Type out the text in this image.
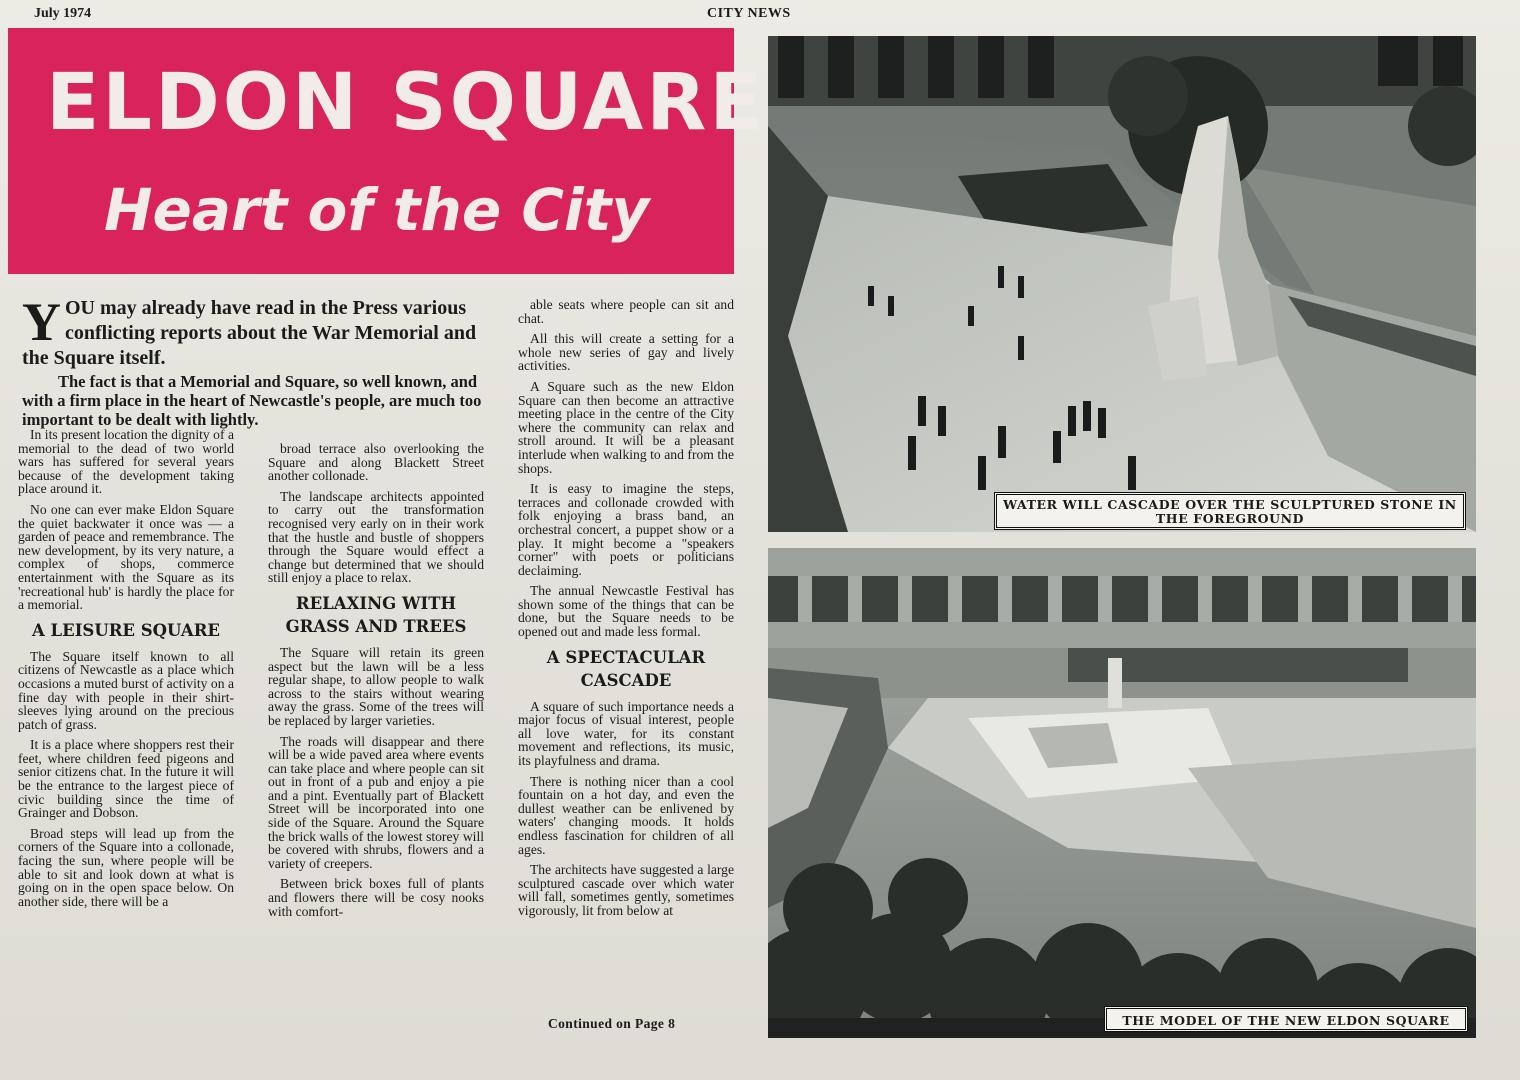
July 1974	CITY NEWS
ELDON SQUARE
Heart of the City
YOU may already have read in the Press various conflicting reports about the War Memorial and the Square itself.
The fact is that a Memorial and Square, so well known, and with a firm place in the heart of Newcastle's people, are much too important to be dealt with lightly.

In its present location the dignity of a memorial to the dead of two world wars has suffered for several years because of the development taking place around it.

No one can ever make Eldon Square the quiet backwater it once was — a garden of peace and remembrance. The new development, by its very nature, a complex of shops, commerce entertainment with the Square as its 'recreational hub' is hardly the place for a memorial.

A LEISURE SQUARE

The Square itself known to all citizens of Newcastle as a place which occasions a muted burst of activity on a fine day with people in their shirt-sleeves lying around on the precious patch of grass.

It is a place where shoppers rest their feet, where children feed pigeons and senior citizens chat. In the future it will be the entrance to the largest piece of civic building since the time of Grainger and Dobson.

Broad steps will lead up from the corners of the Square into a collonade, facing the sun, where people will be able to sit and look down at what is going on in the open space below. On another side, there will be a

broad terrace also overlooking the Square and along Blackett Street another collonade.

The landscape architects appointed to carry out the transformation recognised very early on in their work that the hustle and bustle of shoppers through the Square would effect a change but determined that we should still enjoy a place to relax.

RELAXING WITH GRASS AND TREES

The Square will retain its green aspect but the lawn will be a less regular shape, to allow people to walk across to the stairs without wearing away the grass. Some of the trees will be replaced by larger varieties.

The roads will disappear and there will be a wide paved area where events can take place and where people can sit out in front of a pub and enjoy a pie and a pint. Eventually part of Blackett Street will be incorporated into one side of the Square. Around the Square the brick walls of the lowest storey will be covered with shrubs, flowers and a variety of creepers.

Between brick boxes full of plants and flowers there will be cosy nooks with comfort-

able seats where people can sit and chat.

All this will create a setting for a whole new series of gay and lively activities.

A Square such as the new Eldon Square can then become an attractive meeting place in the centre of the City where the community can relax and stroll around. It will be a pleasant interlude when walking to and from the shops.

It is easy to imagine the steps, terraces and collonade crowded with folk enjoying a brass band, an orchestral concert, a puppet show or a play. It might become a "speakers corner" with poets or politicians declaiming.

The annual Newcastle Festival has shown some of the things that can be done, but the Square needs to be opened out and made less formal.

A SPECTACULAR CASCADE

A square of such importance needs a major focus of visual interest, people all love water, for its constant movement and reflections, its music, its playfulness and drama.

There is nothing nicer than a cool fountain on a hot day, and even the dullest weather can be enlivened by waters' changing moods. It holds endless fascination for children of all ages.

The architects have suggested a large sculptured cascade over which water will fall, sometimes gently, sometimes vigorously, lit from below at

Continued on Page 8
WATER WILL CASCADE OVER THE SCULPTURED STONE IN THE FOREGROUND
THE MODEL OF THE NEW ELDON SQUARE
